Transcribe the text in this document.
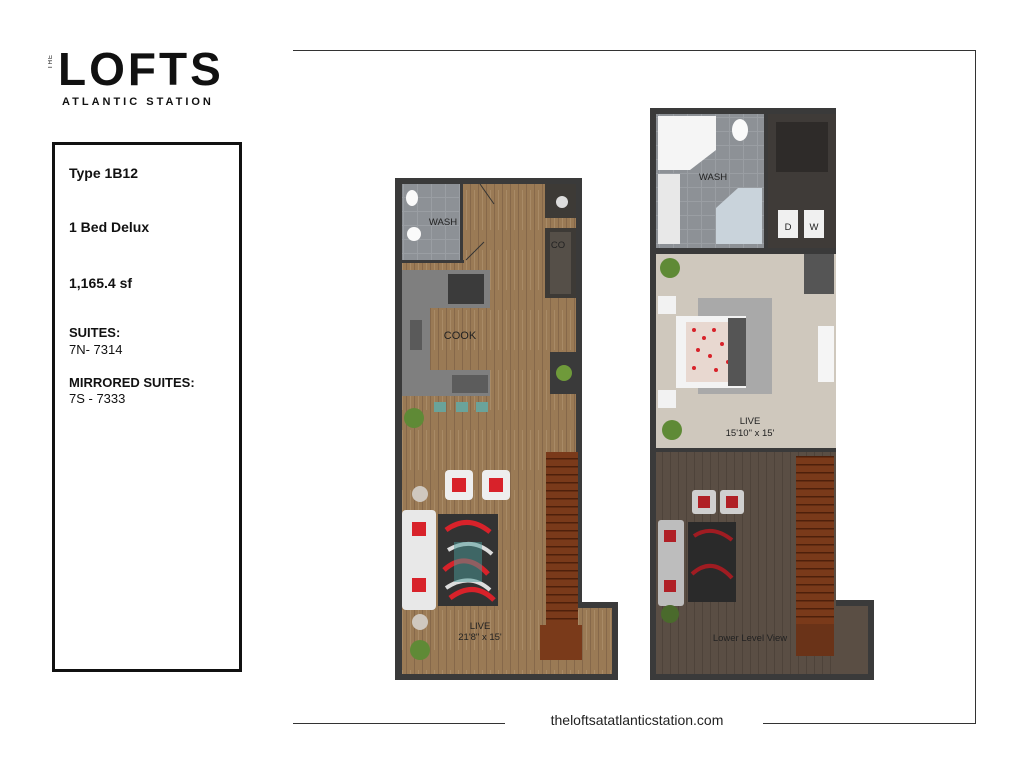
THE LOFTS
ATLANTIC STATION
Type 1B12
1 Bed Delux
1,165.4 sf
SUITES:
7N- 7314
MIRRORED SUITES:
7S - 7333
theloftsatatlanticstation.com
WASH
CO
COOK
LIVE
21'8" x 15'
WASH
D W
LIVE
15'10" x 15'
Lower Level View
